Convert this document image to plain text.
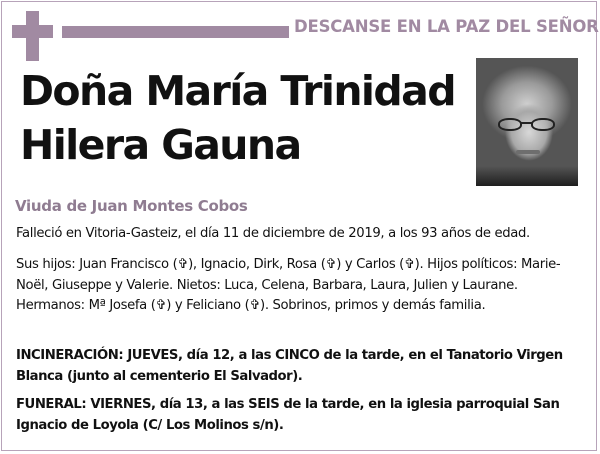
DESCANSE EN LA PAZ DEL SEÑOR
Doña María Trinidad
Hilera Gauna
Viuda de Juan Montes Cobos

Falleció en Vitoria-Gasteiz, el día 11 de diciembre de 2019, a los 93 años de edad.

Sus hijos: Juan Francisco (✞), Ignacio, Dirk, Rosa (✞) y Carlos (✞). Hijos políticos: Marie-Noël, Giuseppe y Valerie. Nietos: Luca, Celena, Barbara, Laura, Julien y Laurane. Hermanos: Mª Josefa (✞) y Feliciano (✞). Sobrinos, primos y demás familia.

INCINERACIÓN: JUEVES, día 12, a las CINCO de la tarde, en el Tanatorio Virgen Blanca (junto al cementerio El Salvador).

FUNERAL: VIERNES, día 13, a las SEIS de la tarde, en la iglesia parroquial San Ignacio de Loyola (C/ Los Molinos s/n).
